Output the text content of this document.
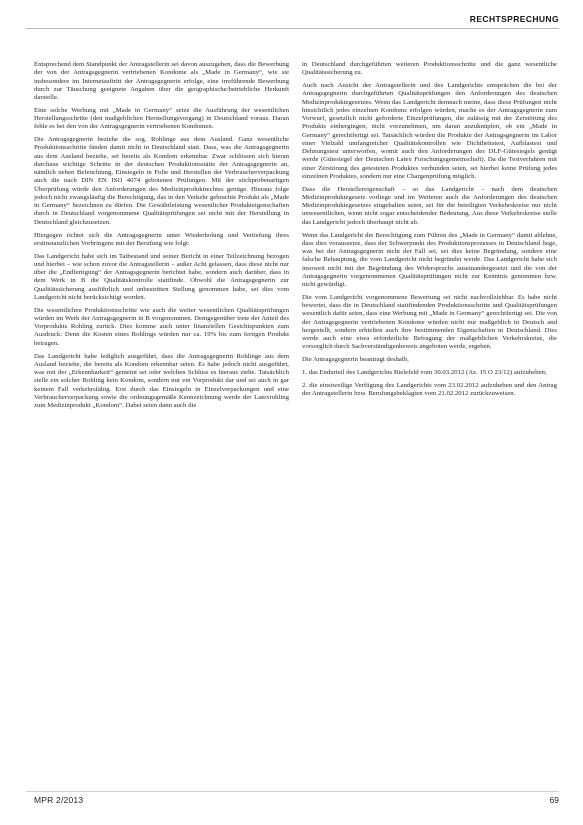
RECHTSPRECHUNG

Entsprechend dem Standpunkt der Antragstellerin sei davon auszugehen, dass die Bewerbung der von der Antragsgegnerin vertriebenen Kondome als „Made in Germany“, wie sie insbesondere im Internetauftritt der Antragsgegnerin erfolge, eine irreführende Bewerbung durch zur Täuschung geeignete Angaben über die geographische/betriebliche Herkunft darstelle.

Eine solche Werbung mit „Made in Germany“ setze die Ausführung der wesentlichen Herstellungsschritte (den maßgeblichen Herstellungsvorgang) in Deutschland voraus. Daran fehle es bei den von der Antragsgegnerin vertriebenen Kondomen.

Die Antragsgegnerin beziehe die sog. Rohlinge aus dem Ausland. Ganz wesentliche Produktionsschritte fänden damit nicht in Deutschland statt. Dass, was die Antragsgegnerin aus dem Ausland beziehe, sei bereits als Kondom erkennbar. Zwar schlössen sich hieran durchaus wichtige Schritte in der deutschen Produktionsstätte der Antragsgegnerin an, nämlich neben Befeuchtung, Einsiegeln in Folie und Herstellen der Verbraucherverpackung auch die nach DIN EN ISO 4074 gebotenen Prüfungen. Mit der stichprobenartigen Überprüfung würde den Anforderungen des Medizinproduktrechtes genüge. Hieraus folge jedoch nicht zwangsläufig die Berechtigung, das in den Verkehr gebrachte Produkt als „Made in Germany“ bezeichnen zu dürfen. Die Gewährleistung wesentlicher Produkteigenschaften durch in Deutschland vorgenommene Qualitätsprüfungen sei nicht mit der Herstellung in Deutschland gleichzusetzen.

Hiergegen richtet sich die Antragsgegnerin unter Wiederholung und Vertiefung ihres erstinstanzlichen Vorbringens mit der Berufung wie folgt:

Das Landgericht habe sich im Tatbestand und seiner Bericht in einer Teilzeichnung bezogen und hierbei – wie schon zuvor die Antragstellerin – außer Acht gelassen, dass diese nicht nur über die „Endfertigung“ der Antragsgegnerin berichtet habe, sondern auch darüber, dass in dem Werk in B die Qualitätskontrolle stattfinde. Obwohl die Antragsgegnerin zur Qualitätssicherung ausführlich und unbestritten Stellung genommen habe, sei dies vom Landgericht nicht berücksichtigt worden.

Die wesentlichen Produktionsschritte wie auch die weiter wesentlichen Qualitätsprüfungen würden im Werk der Antragsgegnerin in B vorgenommen. Demgegenüber trete der Anteil des Vorprodukts Rohling zurück. Dies komme auch unter finanziellen Gesichtspunkten zum Ausdruck: Denn die Kosten eines Rohlings würden nur ca. 19% bis zum fertigen Produkt betragen.

Das Landgericht habe lediglich ausgeführt, dass die Antragsgegnerin Rohlinge aus dem Ausland beziehe, die bereits als Kondom erkennbar seien. Es habe jedoch nicht ausgeführt, was mit der „Erkennbarkeit“ gemeint sei oder welchen Schluss es hieraus ziehe. Tatsächlich stelle ein solcher Rohling kein Kondom, sondern nur ein Vorprodukt dar und sei auch in gar keinem Fall verkehrsfähig. Erst durch das Einsiegeln in Einzelverpackungen und eine Verbraucherverpackung sowie die ordnungsgemäße Kennzeichnung werde der Latexrohling zum Medizinprodukt „Kondom“. Dabei seien dann auch die

in Deutschland durchgeführten weiteren Produktionsschritte und die ganz wesentliche Qualitätssicherung zu.

Auch nach Ansicht der Antragstellerin und des Landgerichts entsprächen die bei der Antragsgegnerin durchgeführten Qualitätsprüfungen den Anforderungen des deutschen Medizinproduktegesetzes. Wenn das Landgericht demnach meine, dass diese Prüfungen nicht hinsichtlich jedes einzelnen Kondoms erfolgen würden, mache es der Antragsgegnerin zum Vorwurf, gesetzlich nicht geforderte Einzelprüfungen, die zulässig mit der Zerstörung des Produkts einhergingen, nicht vorzunehmen, um daran anzuknüpfen, ob ein „Made in Germany“ gerechtfertigt sei. Tatsächlich würden die Produkte der Antragsgegnerin im Labor einer Vielzahl umfangreicher Qualitätskontrollen wie Dichtheitstest, Aufblastest und Dehnungstest unterworfen, womit auch den Anforderungen des DLF-Gütesiegels genügt werde (Gütesiegel der Deutschen Latex Forschungsgemeinschaft). Da die Testverfahren mit einer Zerstörung des getesteten Produktes verbunden seien, sei hierbei keine Prüfung jedes einzelnen Produktes, sondern nur eine Chargenprüfung möglich.

Dass die Herstellereigenschaft – so das Landgericht – nach dem deutschen Medizinproduktegesetz vorliege und im Weiteren auch die Anforderungen des deutschen Medizinproduktegesetzes eingehalten seien, sei für die beteiligten Verkehrskreise nur nicht unwesentlichen, wenn nicht sogar entscheidender Bedeutung. Aus diese Verkehrskreise stelle das Landgericht jedoch überhaupt nicht ab.

Wenn das Landgericht die Berechtigung zum Führen des „Made in Germany“ damit ablehne, dass dies voraussetze, dass der Schwerpunkt des Produktionsprozesses in Deutschland liege, was bei der Antragsgegnerin nicht der Fall sei, sei dies keine Begründung, sondern eine falsche Behauptung, die vom Landgericht nicht begründet werde. Das Landgericht habe sich insoweit nicht mit der Begründung des Widerspruchs auseinandergesetzt und die von der Antragsgegnerin vorgenommenen Qualitätsprüfungen nicht zur Kenntnis genommen bzw. nicht gewürdigt.

Die vom Landgericht vorgenommene Bewertung sei nicht nachvollziehbar. Es habe nicht bewertet, dass die in Deutschland stattfindenden Produktionsschritte und Qualitätsprüfungen wesentlich dafür seien, dass eine Werbung mit „Made in Germany“ gerechtfertigt sei. Die von der Antragsgegnerin vertriebenen Kondome würden nicht nur maßgeblich in Deutsch and hergestellt, sondern erhielten auch ihre bestimmenden Eigenschaften in Deutschland. Dies werde auch eine etwa erforderliche Befragung der maßgeblichen Verkehrskreise, die vorsorglich durch Sachverständigenbeweis angeboten werde, ergeben.

Die Antragsgegnerin beantragt deshalb,

1. das Endurteil des Landgerichts Bielefeld vom 30.03.2012 (Az. 15 O 23/12) aufzuheben;

2. die einstweilige Verfügung des Landgerichts vom 23.02.2012 aufzuheben und den Antrag der Antragstellerin bzw. Berufungsbeklagten vom 21.02.2012 zurückzuweisen.

MPR 2/2013	69
